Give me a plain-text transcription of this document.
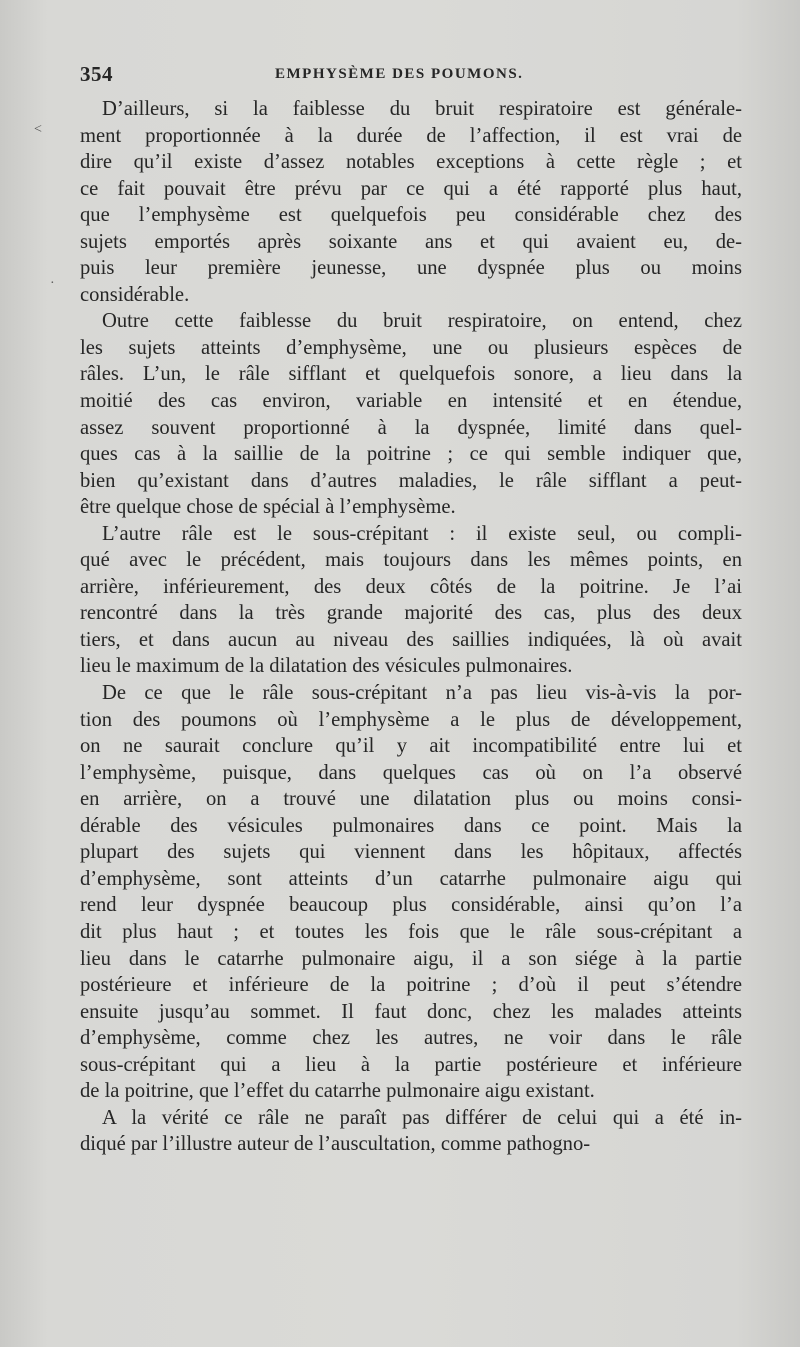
354	EMPHYSÈME DES POUMONS.
<
·
D’ailleurs, si la faiblesse du bruit respiratoire est générale-
ment proportionnée à la durée de l’affection, il est vrai de
dire qu’il existe d’assez notables exceptions à cette règle ; et
ce fait pouvait être prévu par ce qui a été rapporté plus haut,
que l’emphysème est quelquefois peu considérable chez des
sujets emportés après soixante ans et qui avaient eu, de-
puis leur première jeunesse, une dyspnée plus ou moins
considérable.
Outre cette faiblesse du bruit respiratoire, on entend, chez
les sujets atteints d’emphysème, une ou plusieurs espèces de
râles. L’un, le râle sifflant et quelquefois sonore, a lieu dans la
moitié des cas environ, variable en intensité et en étendue,
assez souvent proportionné à la dyspnée, limité dans quel-
ques cas à la saillie de la poitrine ; ce qui semble indiquer que,
bien qu’existant dans d’autres maladies, le râle sifflant a peut-
être quelque chose de spécial à l’emphysème.
L’autre râle est le sous-crépitant : il existe seul, ou compli-
qué avec le précédent, mais toujours dans les mêmes points, en
arrière, inférieurement, des deux côtés de la poitrine. Je l’ai
rencontré dans la très grande majorité des cas, plus des deux
tiers, et dans aucun au niveau des saillies indiquées, là où avait
lieu le maximum de la dilatation des vésicules pulmonaires.
De ce que le râle sous-crépitant n’a pas lieu vis-à-vis la por-
tion des poumons où l’emphysème a le plus de développement,
on ne saurait conclure qu’il y ait incompatibilité entre lui et
l’emphysème, puisque, dans quelques cas où on l’a observé
en arrière, on a trouvé une dilatation plus ou moins consi-
dérable des vésicules pulmonaires dans ce point. Mais la
plupart des sujets qui viennent dans les hôpitaux, affectés
d’emphysème, sont atteints d’un catarrhe pulmonaire aigu qui
rend leur dyspnée beaucoup plus considérable, ainsi qu’on l’a
dit plus haut ; et toutes les fois que le râle sous-crépitant a
lieu dans le catarrhe pulmonaire aigu, il a son siége à la partie
postérieure et inférieure de la poitrine ; d’où il peut s’étendre
ensuite jusqu’au sommet. Il faut donc, chez les malades atteints
d’emphysème, comme chez les autres, ne voir dans le râle
sous-crépitant qui a lieu à la partie postérieure et inférieure
de la poitrine, que l’effet du catarrhe pulmonaire aigu existant.
A la vérité ce râle ne paraît pas différer de celui qui a été in-
diqué par l’illustre auteur de l’auscultation, comme pathogno-
